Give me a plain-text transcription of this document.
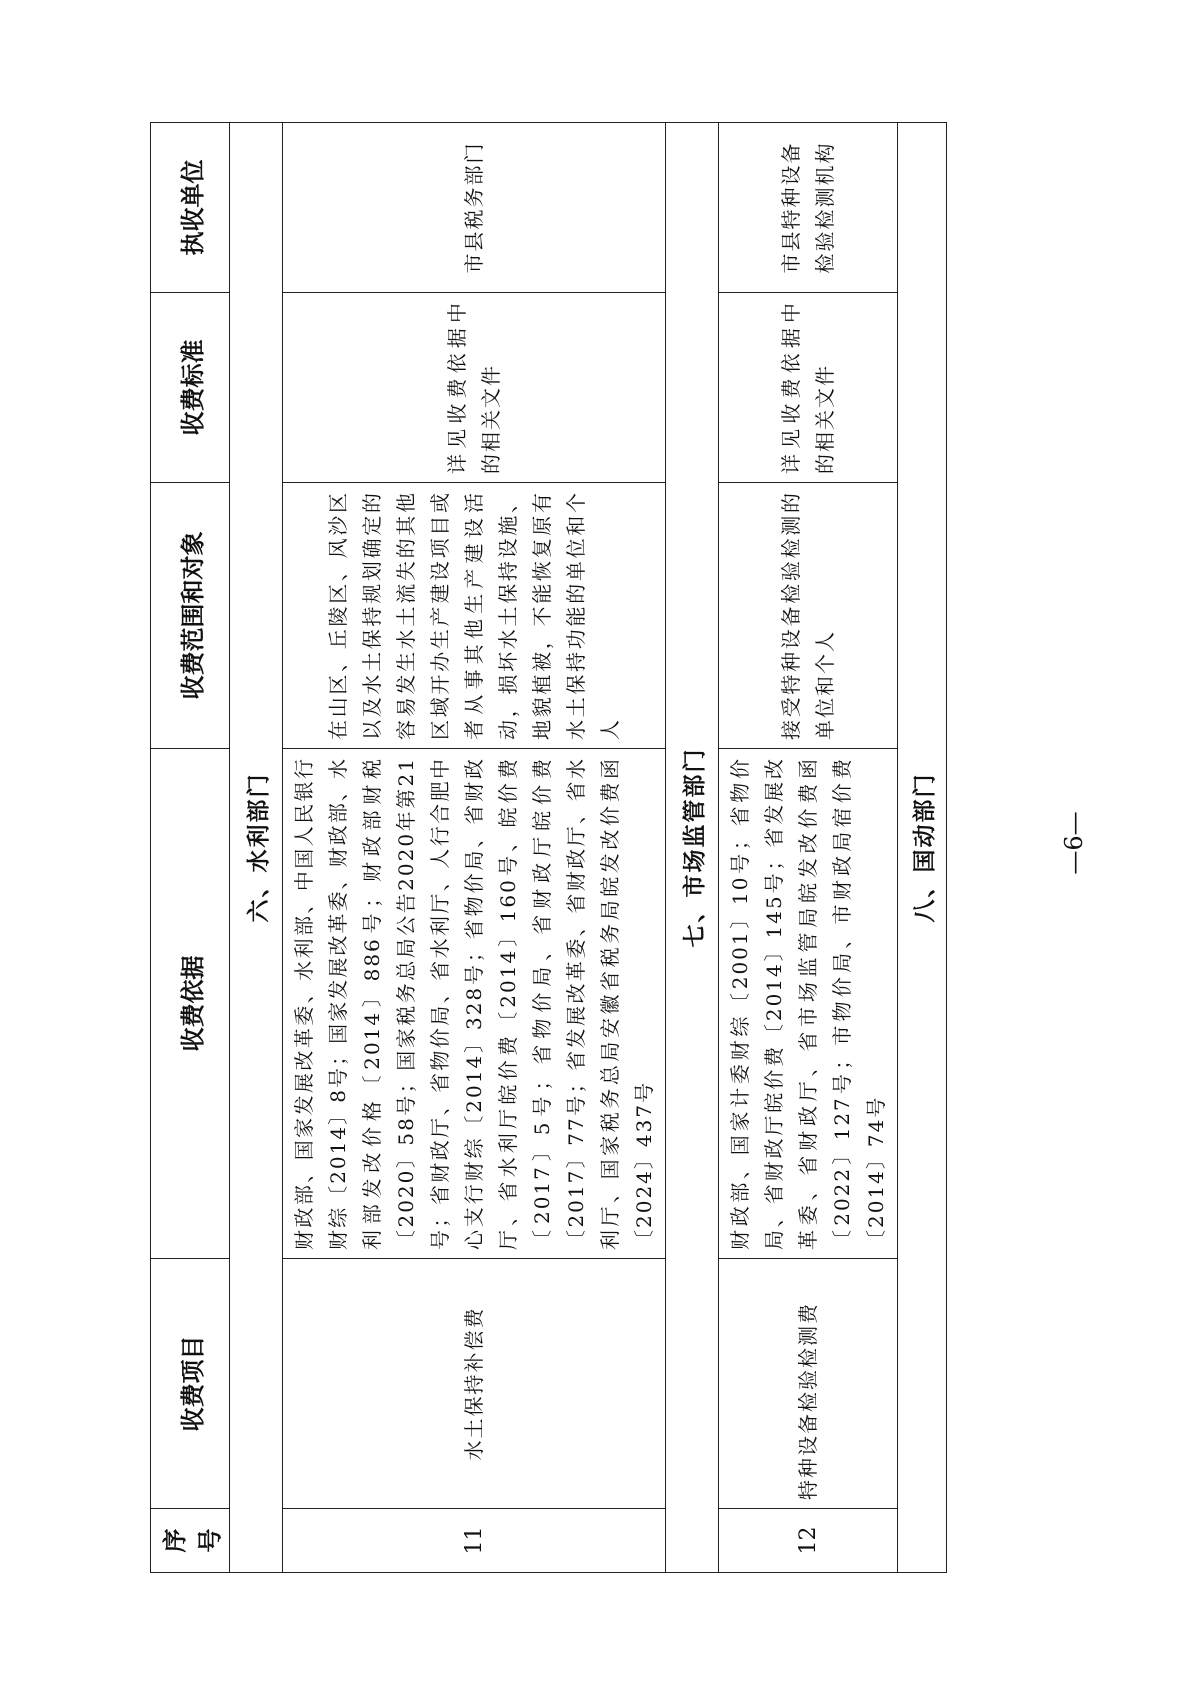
序号	收费项目	收费依据	收费范围和对象	收费标准	执收单位
六、水利部门					
11	水土保持补偿费	财政部、国家发展改革委、水利部、中国人民银行财综〔2014〕8号；国家发展改革委、财政部、水利部发改价格〔2014〕886号；财政部财税〔2020〕58号；国家税务总局公告2020年第21号；省财政厅、省物价局、省水利厅、人行合肥中心支行财综〔2014〕328号；省物价局、省财政厅、省水利厅皖价费〔2014〕160号、皖价费〔2017〕5号；省物价局、省财政厅皖价费〔2017〕77号；省发展改革委、省财政厅、省水利厅、国家税务总局安徽省税务局皖发改价费函〔2024〕437号	在山区、丘陵区、风沙区以及水土保持规划确定的容易发生水土流失的其他区域开办生产建设项目或者从事其他生产建设活动，损坏水土保持设施、地貌植被，不能恢复原有水土保持功能的单位和个人	详见收费依据中的相关文件	市县税务部门
七、市场监管部门					
12	特种设备检验检测费	财政部、国家计委财综〔2001〕10号；省物价局、省财政厅皖价费〔2014〕145号；省发展改革委、省财政厅、省市场监管局皖发改价费函〔2022〕127号；市物价局、市财政局宿价费〔2014〕74号	接受特种设备检验检测的单位和个人	详见收费依据中的相关文件	市县特种设备检验检测机构
八、国动部门						—6—
